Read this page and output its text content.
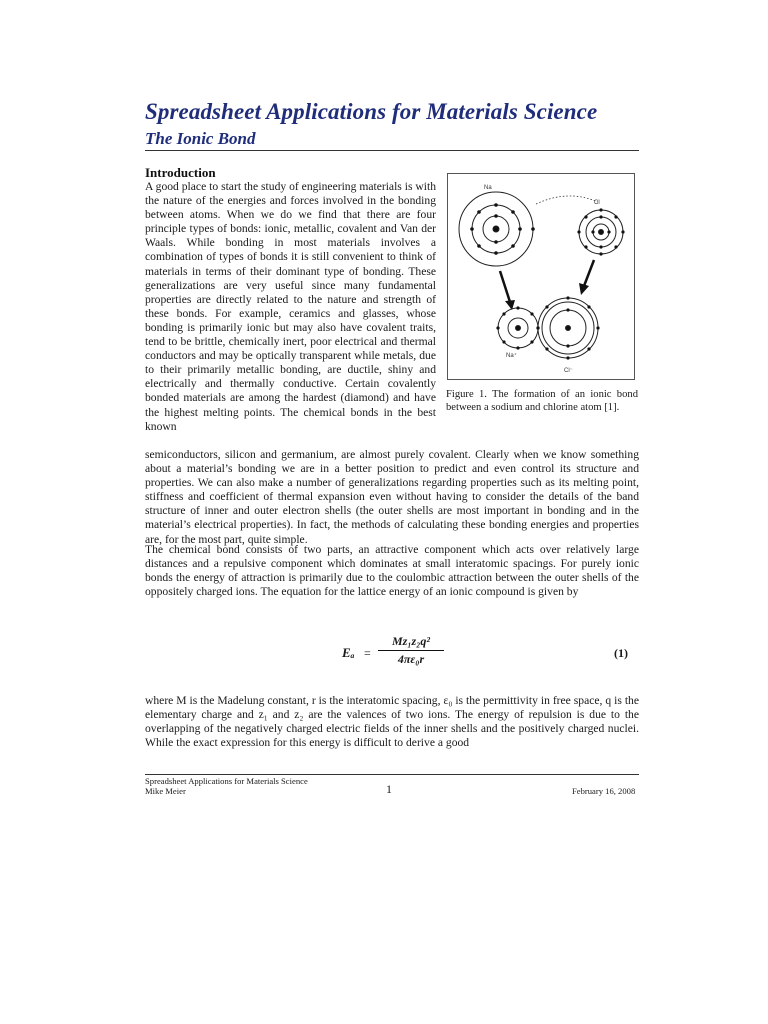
Spreadsheet Applications for Materials Science
The Ionic Bond
Introduction

A good place to start the study of engineering materials is with the nature of the energies and forces involved in the bonding between atoms. When we do we find that there are four principle types of bonds: ionic, metallic, covalent and Van der Waals. While bonding in most materials involves a combination of types of bonds it is still convenient to think of materials in terms of their dominant type of bonding. These generalizations are very useful since many fundamental properties are directly related to the nature and strength of these bonds. For example, ceramics and glasses, whose bonding is primarily ionic but may also have covalent traits, tend to be brittle, chemically inert, poor electrical and thermal conductors and may be optically transparent while metals, due to their primarily metallic bonding, are ductile, shiny and electrically and thermally conductive. Certain covalently bonded materials are among the hardest (diamond) and have the highest melting points. The chemical bonds in the best known

Na
Cl
Na⁺
Cl⁻

Figure 1. The formation of an ionic bond between a sodium and chlorine atom [1].

semiconductors, silicon and germanium, are almost purely covalent. Clearly when we know something about a material’s bonding we are in a better position to predict and even control its structure and properties. We can also make a number of generalizations regarding properties such as its melting point, stiffness and coefficient of thermal expansion even without having to consider the details of the band structure of inner and outer electron shells (the outer shells are most important in bonding and in the material’s electrical properties). In fact, the methods of calculating these bonding energies and properties are, for the most part, quite simple.

The chemical bond consists of two parts, an attractive component which acts over relatively large distances and a repulsive component which dominates at small interatomic spacings. For purely ionic bonds the energy of attraction is primarily due to the coulombic attraction between the outer shells of the oppositely charged ions. The equation for the lattice energy of an ionic compound is given by

Eₐ =
Mz₁z₂q²
4πε₀r	(1)

where M is the Madelung constant, r is the interatomic spacing, ε₀ is the permittivity in free space, q is the elementary charge and z₁ and z₂ are the valences of two ions. The energy of repulsion is due to the overlapping of the negatively charged electric fields of the inner shells and the positively charged nuclei. While the exact expression for this energy is difficult to derive a good

Spreadsheet Applications for Materials Science
Mike Meier	1	February 16, 2008
